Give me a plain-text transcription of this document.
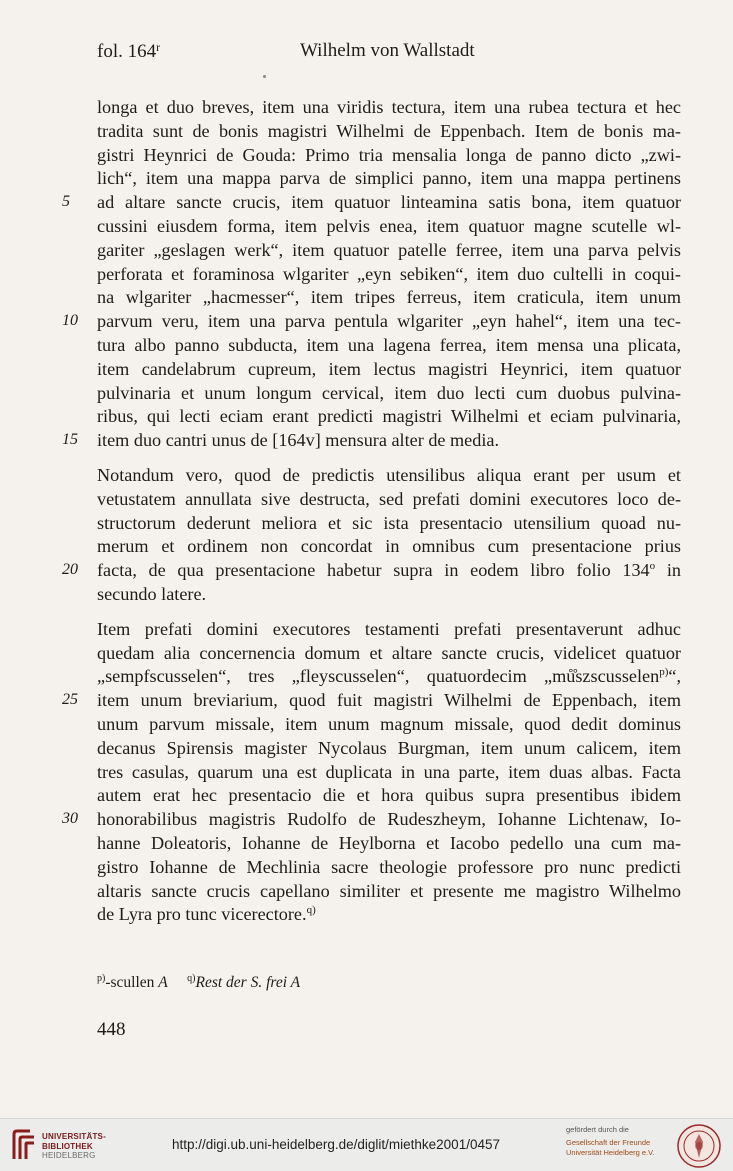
fol. 164$^r$	Wilhelm von Wallstadt
longa et duo breves, item una viridis tectura, item una rubea tectura et hec
tradita sunt de bonis magistri Wilhelmi de Eppenbach. Item de bonis ma-
gistri Heynrici de Gouda: Primo tria mensalia longa de panno dicto „zwi-
lich“, item una mappa parva de simplici panno, item una mappa pertinens
ad altare sancte crucis, item quatuor linteamina satis bona, item quatuor
5
cussini eiusdem forma, item pelvis enea, item quatuor magne scutelle wl-
gariter „geslagen werk“, item quatuor patelle ferree, item una parva pelvis
perforata et foraminosa wlgariter „eyn sebiken“, item duo cultelli in coqui-
na wlgariter „hacmesser“, item tripes ferreus, item craticula, item unum
parvum veru, item una parva pentula wlgariter „eyn hahel“, item una tec-
10
tura albo panno subducta, item una lagena ferrea, item mensa una plicata,
item candelabrum cupreum, item lectus magistri Heynrici, item quatuor
pulvinaria et unum longum cervical, item duo lecti cum duobus pulvina-
ribus, qui lecti eciam erant predicti magistri Wilhelmi et eciam pulvinaria,
item duo cantri unus de [164v] mensura alter de media.
15
Notandum vero, quod de predictis utensilibus aliqua erant per usum et
vetustatem annullata sive destructa, sed prefati domini executores loco de-
structorum dederunt meliora et sic ista presentacio utensilium quoad nu-
merum et ordinem non concordat in omnibus cum presentacione prius
facta, de qua presentacione habetur supra in eodem libro folio 134$^o$ in
20
secundo latere.
Item prefati domini executores testamenti prefati presentaverunt adhuc
quedam alia concernencia domum et altare sancte crucis, videlicet quatuor
„sempfscusselen“, tres „fleyscusselen“, quatuordecim „mů̊szscusselen$^{p)}$“,
item unum breviarium, quod fuit magistri Wilhelmi de Eppenbach, item
25
unum parvum missale, item unum magnum missale, quod dedit dominus
decanus Spirensis magister Nycolaus Burgman, item unum calicem, item
tres casulas, quarum una est duplicata in una parte, item duas albas. Facta
autem erat hec presentacio die et hora quibus supra presentibus ibidem
honorabilibus magistris Rudolfo de Rudeszheym, Iohanne Lichtenaw, Io-
30
hanne Doleatoris, Iohanne de Heylborna et Iacobo pedello una cum ma-
gistro Iohanne de Mechlinia sacre theologie professore pro nunc predicti
altaris sancte crucis capellano similiter et presente me magistro Wilhelmo
de Lyra pro tunc vicerectore.$^{q)}$
$^{p)}$-scullen A $^{q)}$Rest der S. frei A
448
UNIVERSITÄTS-
BIBLIOTHEK
HEIDELBERG
http://digi.ub.uni-heidelberg.de/diglit/miethke2001/0457
gefördert durch die
Gesellschaft der Freunde
Universität Heidelberg e.V.
